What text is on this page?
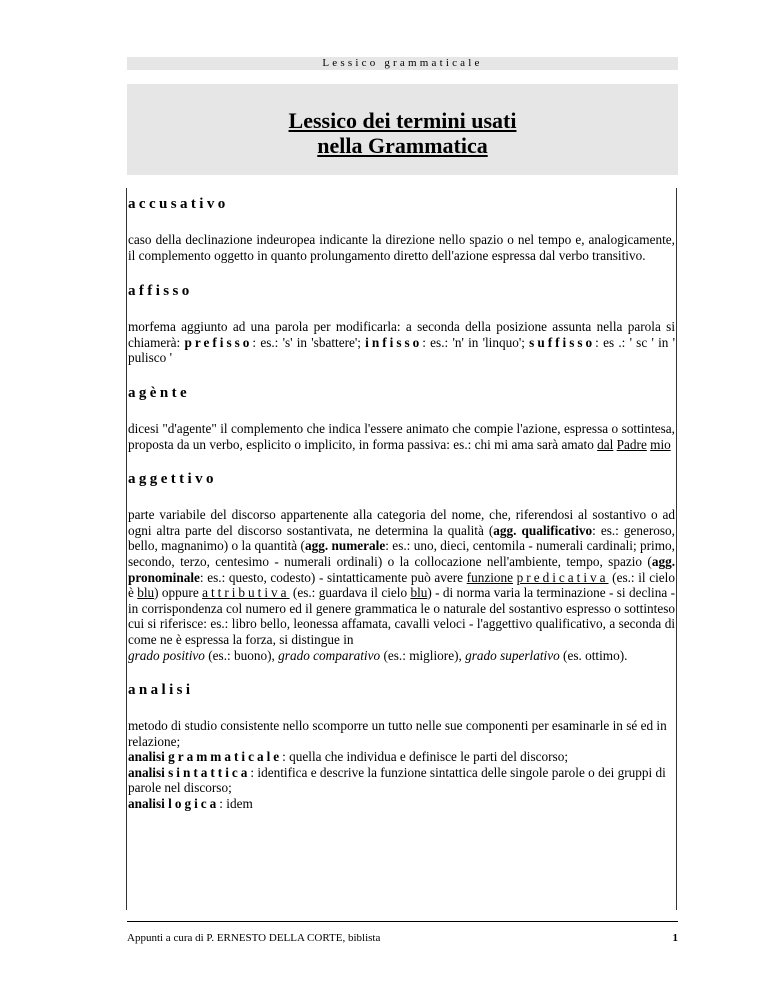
Lessico grammaticale
Lessico dei termini usati
nella Grammatica

accusativo

caso della declinazione indeuropea indicante la direzione nello spazio o nel tempo e, analogicamente, il complemento oggetto in quanto prolungamento diretto dell'azione espressa dal verbo transitivo.

affisso

morfema aggiunto ad una parola per modificarla: a seconda della posizione assunta nella parola si chiamerà: prefisso: es.: 's' in 'sbattere'; infisso: es.: 'n' in 'linquo'; suffisso: es .: ' sc ' in ' pulisco '

agènte

dicesi "d'agente" il complemento che indica l'essere animato che compie l'azione, espressa o sottintesa, proposta da un verbo, esplicito o implicito, in forma passiva: es.: chi mi ama sarà amato dal Padre mio

aggettivo

parte variabile del discorso appartenente alla categoria del nome, che, riferendosi al sostantivo o ad ogni altra parte del discorso sostantivata, ne determina la qualità (agg. qualificativo: es.: generoso, bello, magnanimo) o la quantità (agg. numerale: es.: uno, dieci, centomila - numerali cardinali; primo, secondo, terzo, centesimo - numerali ordinali) o la collocazione nell'ambiente, tempo, spazio (agg. pronominale: es.: questo, codesto) - sintatticamente può avere funzione predicativa (es.: il cielo è blu) oppure attributiva (es.: guardava il cielo blu) - di norma varia la terminazione - si declina - in corrispondenza col numero ed il genere grammatica le o naturale del sostantivo espresso o sottinteso cui si riferisce: es.: libro bello, leonessa affamata, cavalli veloci - l'aggettivo qualificativo, a seconda di come ne è espressa la forza, si distingue in
grado positivo (es.: buono), grado comparativo (es.: migliore), grado superlativo (es. ottimo).

analisi

metodo di studio consistente nello scomporre un tutto nelle sue componenti per esaminarle in sé ed in relazione;
analisi grammaticale: quella che individua e definisce le parti del discorso;
analisi sintattica: identifica e descrive la funzione sintattica delle singole parole o dei gruppi di parole nel discorso;
analisi logica: idem

Appunti a cura di P. ERNESTO DELLA CORTE, biblista	1
